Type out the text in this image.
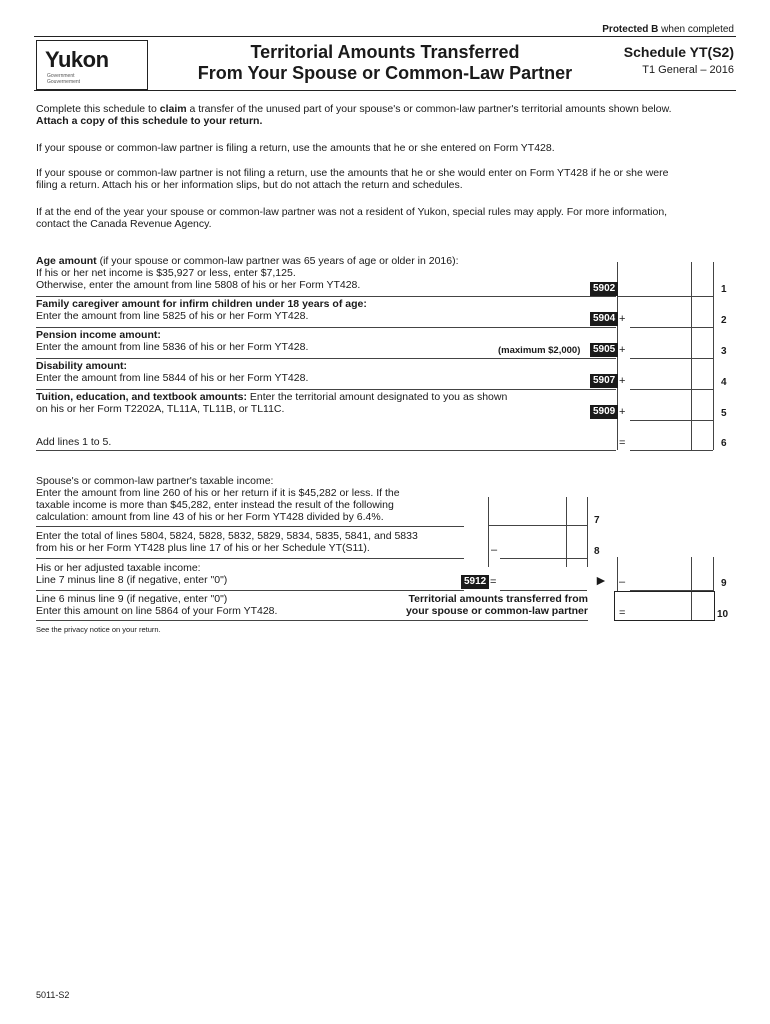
Protected B when completed
Yukon
Government
Gouvernement
Territorial Amounts Transferred
From Your Spouse or Common-Law Partner
Schedule YT(S2)
T1 General – 2016
Complete this schedule to claim a transfer of the unused part of your spouse's or common-law partner's territorial amounts shown below.
Attach a copy of this schedule to your return.
If your spouse or common-law partner is filing a return, use the amounts that he or she entered on Form YT428.
If your spouse or common-law partner is not filing a return, use the amounts that he or she would enter on Form YT428 if he or she were
filing a return. Attach his or her information slips, but do not attach the return and schedules.
If at the end of the year your spouse or common-law partner was not a resident of Yukon, special rules may apply. For more information,
contact the Canada Revenue Agency.
Age amount (if your spouse or common-law partner was 65 years of age or older in 2016):
If his or her net income is $35,927 or less, enter $7,125.
Otherwise, enter the amount from line 5808 of his or her Form YT428.	5902	1
Family caregiver amount for infirm children under 18 years of age:
Enter the amount from line 5825 of his or her Form YT428.	5904 +	2
Pension income amount:
Enter the amount from line 5836 of his or her Form YT428.	(maximum $2,000)	5905 +	3
Disability amount:
Enter the amount from line 5844 of his or her Form YT428.	5907 +	4
Tuition, education, and textbook amounts: Enter the territorial amount designated to you as shown
on his or her Form T2202A, TL11A, TL11B, or TL11C.	5909 +	5
Add lines 1 to 5.	=	6
Spouse's or common-law partner's taxable income:
Enter the amount from line 260 of his or her return if it is $45,282 or less. If the
taxable income is more than $45,282, enter instead the result of the following
calculation: amount from line 43 of his or her Form YT428 divided by 6.4%.	7
Enter the total of lines 5804, 5824, 5828, 5832, 5829, 5834, 5835, 5841, and 5833
from his or her Form YT428 plus line 17 of his or her Schedule YT(S11).	–	8
His or her adjusted taxable income:
Line 7 minus line 8 (if negative, enter "0")	5912 =	► –	9
Line 6 minus line 9 (if negative, enter "0")
Enter this amount on line 5864 of your Form YT428.
Territorial amounts transferred from
your spouse or common-law partner	=	10
See the privacy notice on your return.
5011-S2
